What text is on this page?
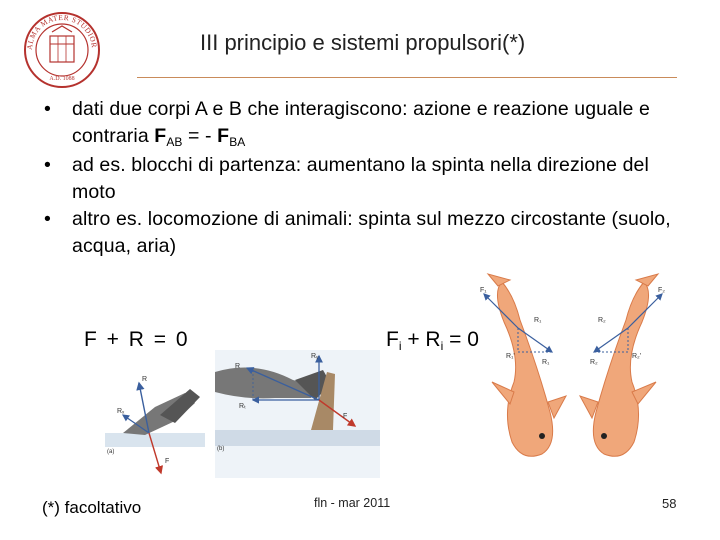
ALMA MATER STUDIOR
A.D. 1088
III principio e sistemi propulsori(*)
• dati due corpi A e B che interagiscono: azione e reazione uguale e contraria $F_{AB}$ = - $F_{BA}$
• ad es. blocchi di partenza: aumentano la spinta nella direzione del moto
• altro es. locomozione di animali: spinta sul mezzo circostante (suolo, acqua, aria)
F + R = 0	$F_i + R_i = 0$
R
Rₓ
F
(a)
Rᵧ
R
Rₜ
F
(b)
F₁	F₂
R₁	R₂
R₁'	R₂'
R₁	R₂
(*) facoltativo	fln - mar 2011	58
